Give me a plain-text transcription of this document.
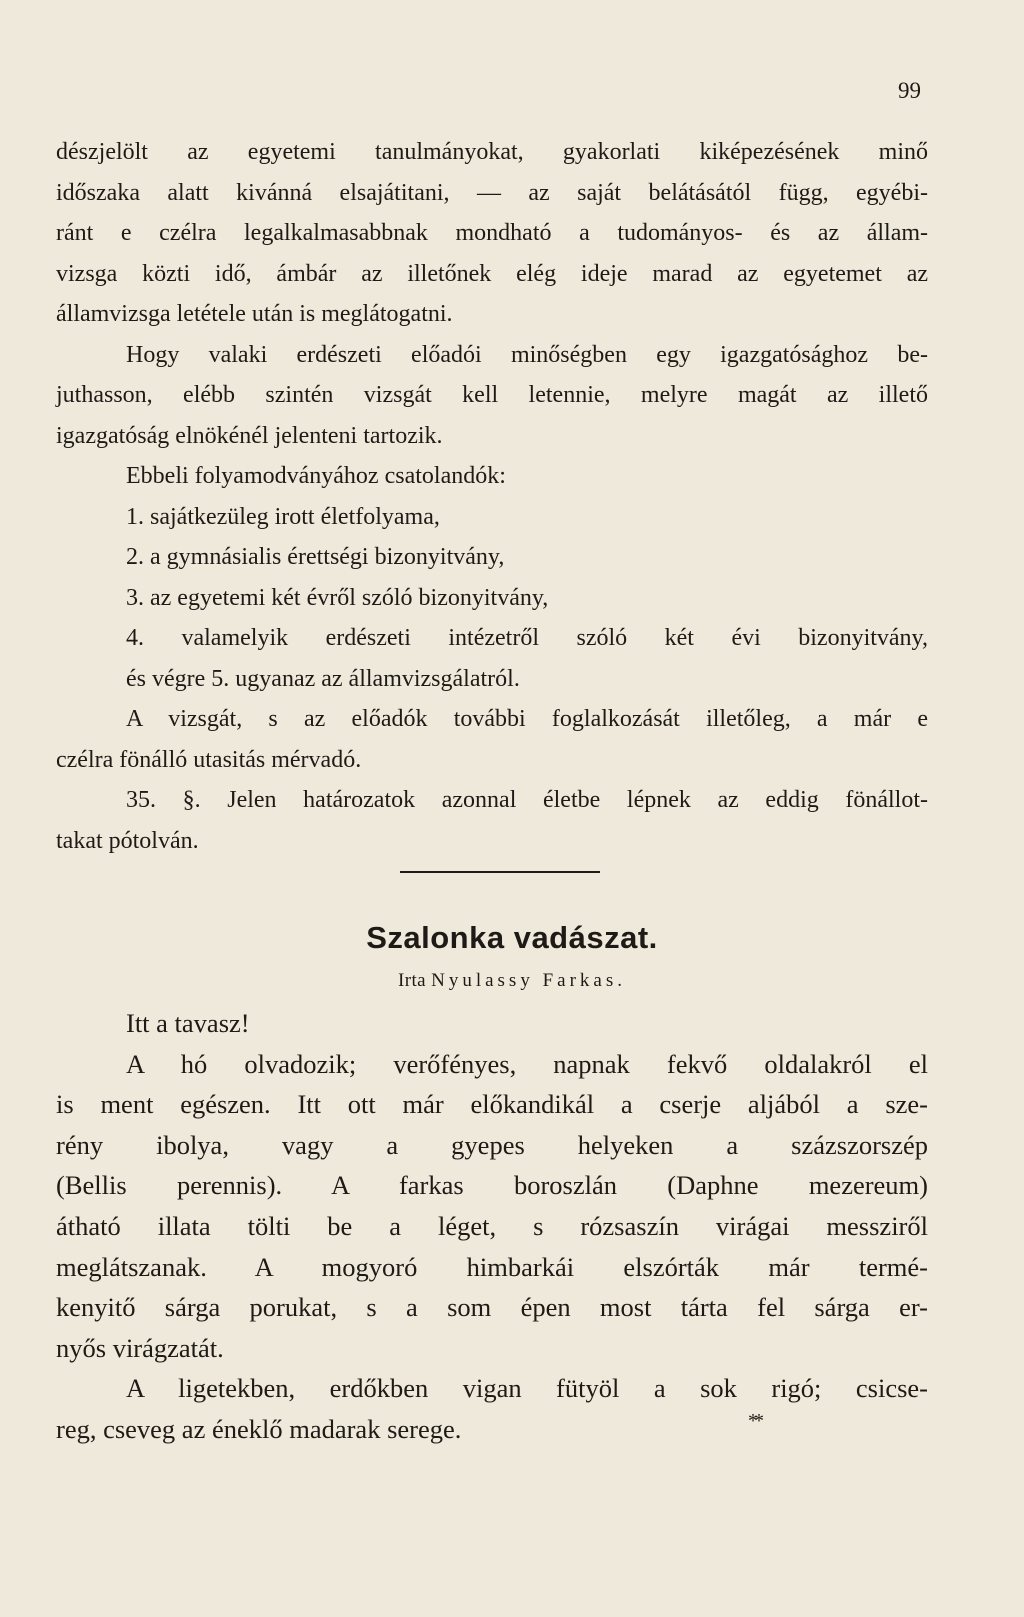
99
dészjelölt az egyetemi tanulmányokat, gyakorlati kiképezésének minő
időszaka alatt kivánná elsajátitani, — az saját belátásától függ, egyébi-
ránt e czélra legalkalmasabbnak mondható a tudományos- és az állam-
vizsga közti idő, ámbár az illetőnek elég ideje marad az egyetemet az
államvizsga letétele után is meglátogatni.
Hogy valaki erdészeti előadói minőségben egy igazgatósághoz be-
juthasson, elébb szintén vizsgát kell letennie, melyre magát az illető
igazgatóság elnökénél jelenteni tartozik.
Ebbeli folyamodványához csatolandók:
1. sajátkezüleg irott életfolyama,
2. a gymnásialis érettségi bizonyitvány,
3. az egyetemi két évről szóló bizonyitvány,
4. valamelyik erdészeti intézetről szóló két évi bizonyitvány,
és végre 5. ugyanaz az államvizsgálatról.
A vizsgát, s az előadók további foglalkozását illetőleg, a már e
czélra fönálló utasitás mérvadó.
35. §. Jelen határozatok azonnal életbe lépnek az eddig fönállot-
takat pótolván.
Szalonka vadászat.
Irta Nyulassy Farkas.
Itt a tavasz!
A hó olvadozik; verőfényes, napnak fekvő oldalakról el
is ment egészen. Itt ott már előkandikál a cserje aljából a sze-
rény ibolya, vagy a gyepes helyeken a százszorszép
(Bellis perennis). A farkas boroszlán (Daphne mezereum)
átható illata tölti be a léget, s rózsaszín virágai messziről
meglátszanak. A mogyoró himbarkái elszórták már termé-
kenyitő sárga porukat, s a som épen most tárta fel sárga er-
nyős virágzatát.
A ligetekben, erdőkben vigan fütyöl a sok rigó; csicse-
reg, cseveg az éneklő madarak serege.	**
